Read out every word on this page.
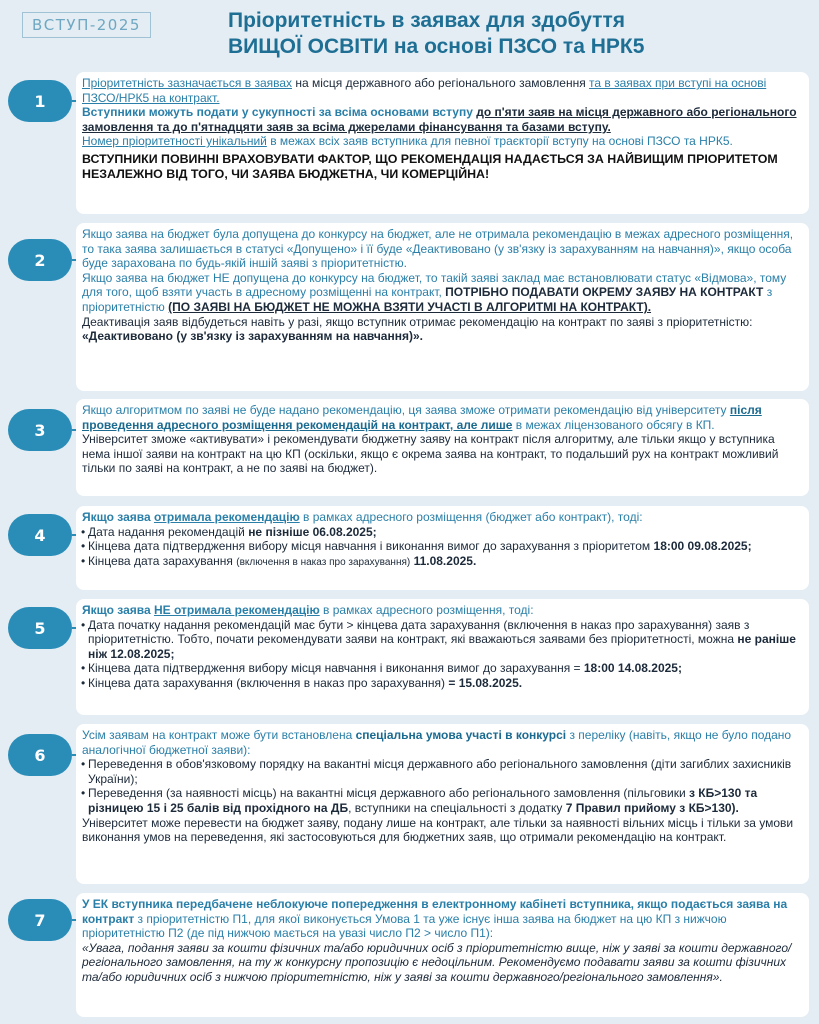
ВСТУП-2025	Пріоритетність в заявах для здобуття
ВИЩОЇ ОСВІТИ на основі ПЗСО та НРК5
1

Пріоритетність зазначається в заявах на місця державного або регіонального замовлення та в заявах при вступі на основі ПЗСО/НРК5 на контракт.

Вступники можуть подати у сукупності за всіма основами вступу до п'яти заяв на місця державного або регіонального замовлення та до п'ятнадцяти заяв за всіма джерелами фінансування та базами вступу.

Номер пріоритетності унікальний в межах всіх заяв вступника для певної траєкторії вступу на основі ПЗСО та НРК5.

ВСТУПНИКИ ПОВИННІ ВРАХОВУВАТИ ФАКТОР, ЩО РЕКОМЕНДАЦІЯ НАДАЄТЬСЯ ЗА НАЙВИЩИМ ПРІОРИТЕТОМ НЕЗАЛЕЖНО ВІД ТОГО, ЧИ ЗАЯВА БЮДЖЕТНА, ЧИ КОМЕРЦІЙНА!

2

Якщо заява на бюджет була допущена до конкурсу на бюджет, але не отримала рекомендацію в межах адресного розміщення, то така заява залишається в статусі «Допущено» і її буде «Деактивовано (у зв'язку із зарахуванням на навчання)», якщо особа буде зарахована по будь-якій іншій заяві з пріоритетністю.

Якщо заява на бюджет НЕ допущена до конкурсу на бюджет, то такій заяві заклад має встановлювати статус «Відмова», тому для того, щоб взяти участь в адресному розміщенні на контракт, ПОТРІБНО ПОДАВАТИ ОКРЕМУ ЗАЯВУ НА КОНТРАКТ з пріоритетністю (ПО ЗАЯВІ НА БЮДЖЕТ НЕ МОЖНА ВЗЯТИ УЧАСТІ В АЛГОРИТМІ НА КОНТРАКТ).

Деактивація заяв відбудеться навіть у разі, якщо вступник отримає рекомендацію на контракт по заяві з пріоритетністю: «Деактивовано (у зв'язку із зарахуванням на навчання)».

3

Якщо алгоритмом по заяві не буде надано рекомендацію, ця заява зможе отримати рекомендацію від університету після проведення адресного розміщення рекомендацій на контракт, але лише в межах ліцензованого обсягу в КП.

Університет зможе «активувати» і рекомендувати бюджетну заяву на контракт після алгоритму, але тільки якщо у вступника нема іншої заяви на контракт на цю КП (оскільки, якщо є окрема заява на контракт, то подальший рух на контракт можливий тільки по заяві на контракт, а не по заяві на бюджет).

4

Якщо заява отримала рекомендацію в рамках адресного розміщення (бюджет або контракт), тоді:

• Дата надання рекомендацій не пізніше 06.08.2025;

• Кінцева дата підтвердження вибору місця навчання і виконання вимог до зарахування з пріоритетом 18:00 09.08.2025;

• Кінцева дата зарахування (включення в наказ про зарахування) 11.08.2025.

5

Якщо заява НЕ отримала рекомендацію в рамках адресного розміщення, тоді:

• Дата початку надання рекомендацій має бути > кінцева дата зарахування (включення в наказ про зарахування) заяв з пріоритетністю. Тобто, почати рекомендувати заяви на контракт, які вважаються заявами без пріоритетності, можна не раніше ніж 12.08.2025;

• Кінцева дата підтвердження вибору місця навчання і виконання вимог до зарахування = 18:00 14.08.2025;

• Кінцева дата зарахування (включення в наказ про зарахування) = 15.08.2025.

6

Усім заявам на контракт може бути встановлена спеціальна умова участі в конкурсі з переліку (навіть, якщо не було подано аналогічної бюджетної заяви):

• Переведення в обов'язковому порядку на вакантні місця державного або регіонального замовлення (діти загиблих захисників України);

• Переведення (за наявності місць) на вакантні місця державного або регіонального замовлення (пільговики з КБ>130 та різницею 15 і 25 балів від прохідного на ДБ, вступники на спеціальності з додатку 7 Правил прийому з КБ>130).

Університет може перевести на бюджет заяву, подану лише на контракт, але тільки за наявності вільних місць і тільки за умови виконання умов на переведення, які застосовуються для бюджетних заяв, що отримали рекомендацію на контракт.

7

У ЕК вступника передбачене неблокуюче попередження в електронному кабінеті вступника, якщо подається заява на контракт з пріоритетністю П1, для якої виконується Умова 1 та уже існує інша заява на бюджет на цю КП з нижчою пріоритетністю П2 (де під нижчою мається на увазі число П2 > число П1):

«Увага, подання заяви за кошти фізичних та/або юридичних осіб з пріоритетністю вище, ніж у заяві за кошти державного/регіонального замовлення, на ту ж конкурсну пропозицію є недоцільним. Рекомендуємо подавати заяви за кошти фізичних та/або юридичних осіб з нижчою пріоритетністю, ніж у заяві за кошти державного/регіонального замовлення».
